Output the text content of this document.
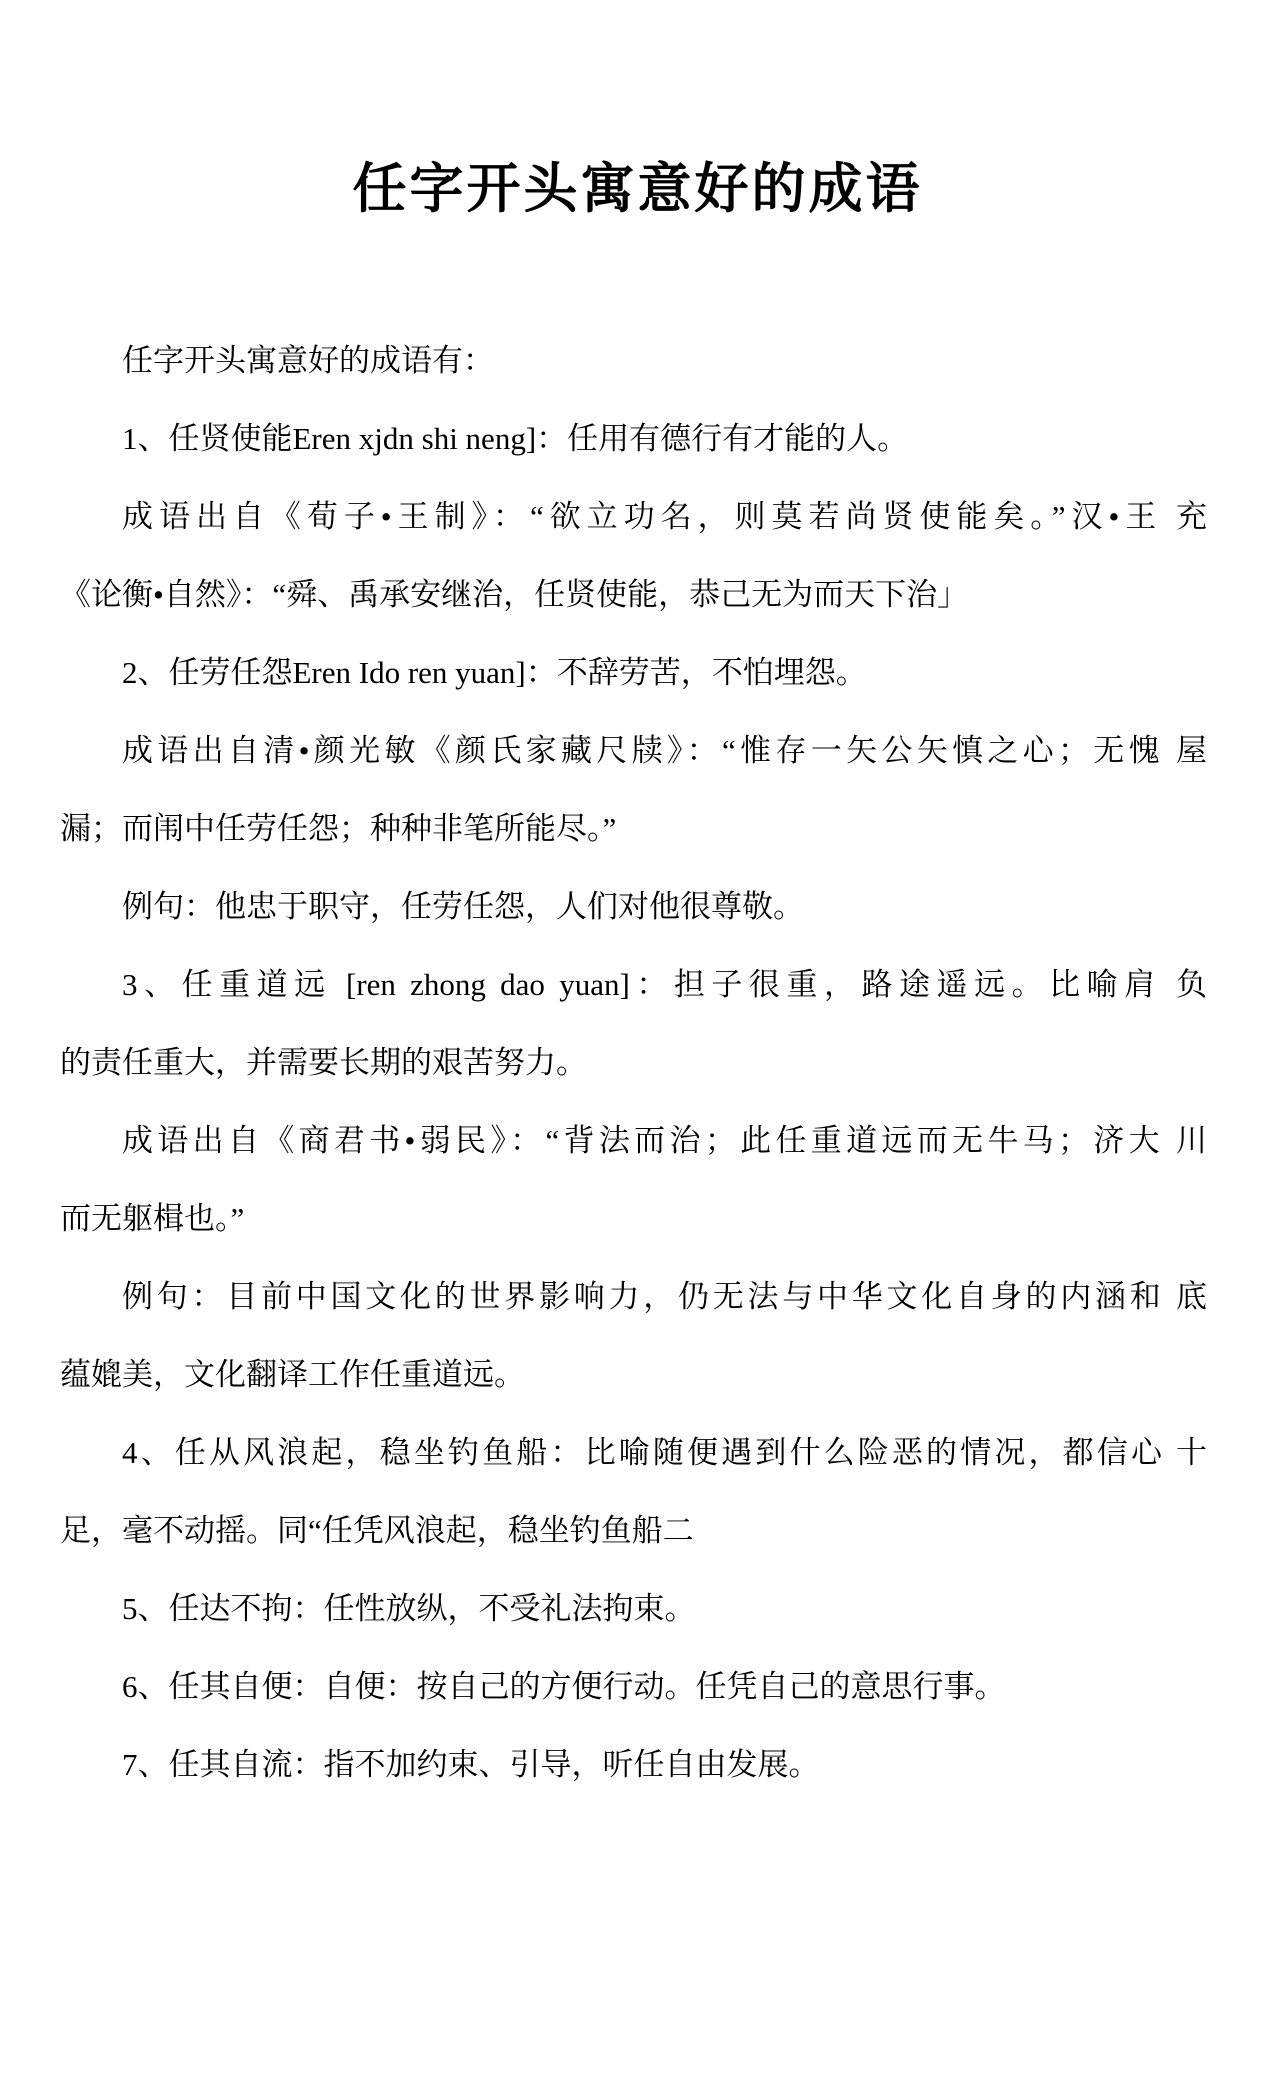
任字开头寓意好的成语
任字开头寓意好的成语有：
1、任贤使能Eren xjdn shi neng]：任用有德行有才能的人。
成语出自《荀子•王制》：“欲立功名，则莫若尚贤使能矣。”汉•王 充
《论衡•自然》：“舜、禹承安继治，任贤使能，恭己无为而天下治」
2、任劳任怨Eren Ido ren yuan]：不辞劳苦，不怕埋怨。
成语出自清•颜光敏《颜氏家藏尺牍》：“惟存一矢公矢慎之心；无愧 屋
漏；而闱中任劳任怨；种种非笔所能尽。”
例句：他忠于职守，任劳任怨，人们对他很尊敬。
3、任重道远 [ren zhong dao yuan]：担子很重，路途遥远。比喻肩 负
的责任重大，并需要长期的艰苦努力。
成语出自《商君书•弱民》：“背法而治；此任重道远而无牛马；济大 川
而无躯楫也。”
例句：目前中国文化的世界影响力，仍无法与中华文化自身的内涵和 底
蕴媲美，文化翻译工作任重道远。
4、任从风浪起，稳坐钓鱼船：比喻随便遇到什么险恶的情况，都信心 十
足，毫不动摇。同“任凭风浪起，稳坐钓鱼船二
5、任达不拘：任性放纵，不受礼法拘束。
6、任其自便：自便：按自己的方便行动。任凭自己的意思行事。
7、任其自流：指不加约束、引导，听任自由发展。
